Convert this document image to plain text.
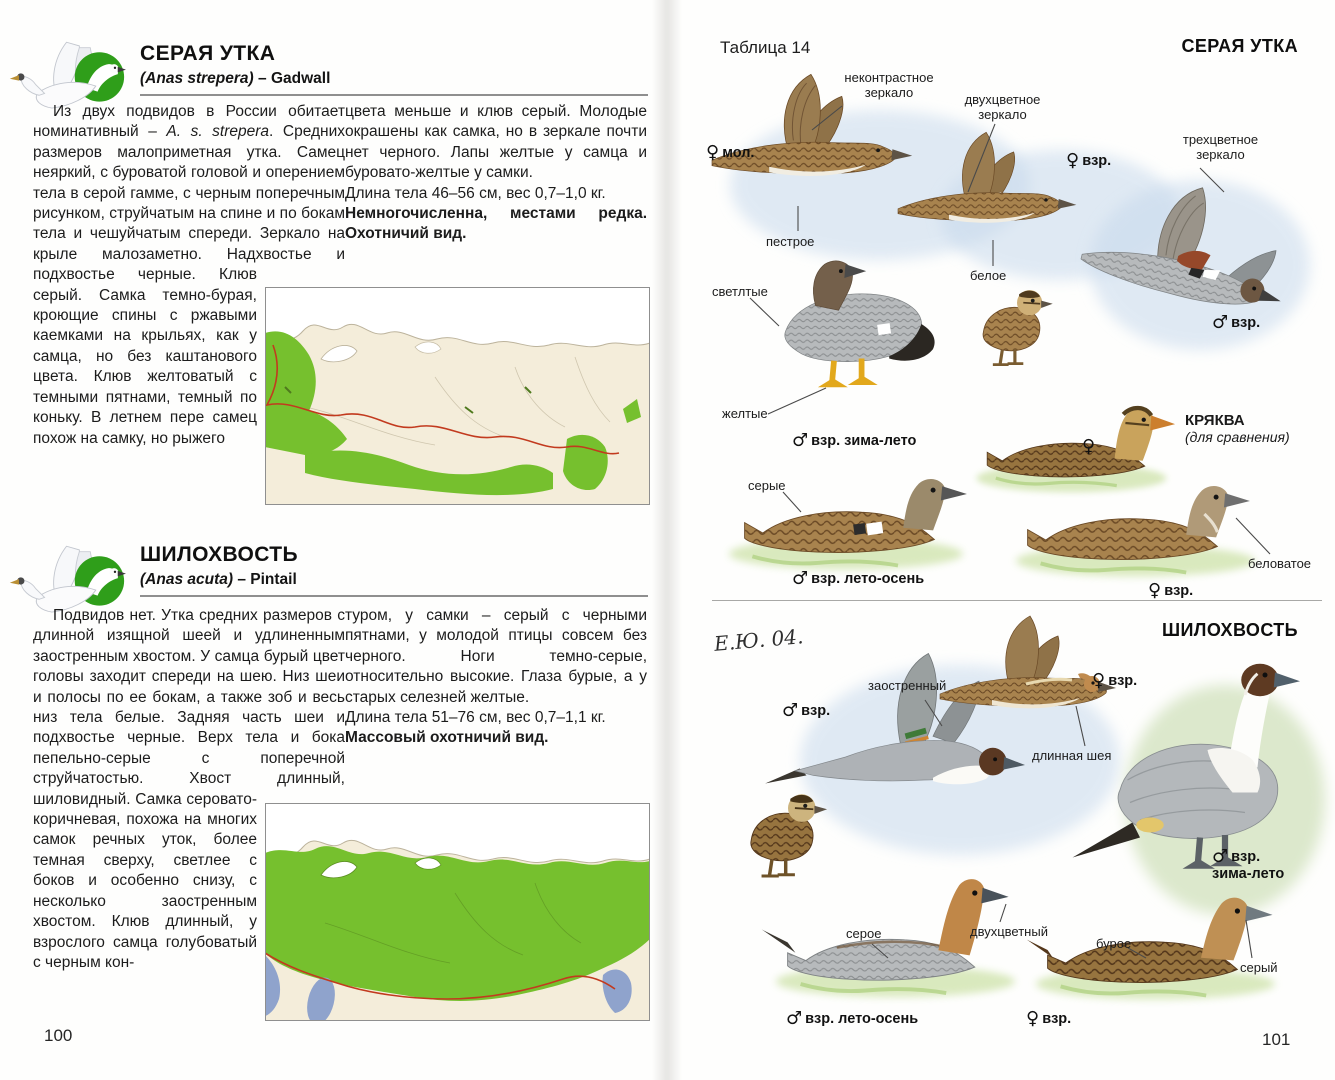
СЕРАЯ УТКА
(Anas strepera) – Gadwall

Из двух подвидов в России обитает номинативный – A. s. strepera. Средних размеров малоприметная утка. Самец неяркий, с буроватой головой и оперением тела в серой гамме, с черным поперечным рисунком, струйчатым на спине и по бокам тела и чешуйчатым спереди. Зеркало на крыле малозаметно. Надхвостье и подхвостье черные. Клюв серый. Самка темно-бурая, кроющие спины с ржавыми каемками на крыльях, как у самца, но без каштанового цвета. Клюв желтоватый с темными пятнами, темный по коньку. В летнем пере самец похож на самку, но рыжего

цвета меньше и клюв серый. Молодые окрашены как самка, но в зеркале почти нет черного. Лапы желтые у самца и буровато-желтые у самки.

Длина тела 46–56 см, вес 0,7–1,0 кг.

Немногочисленна, местами редка. Охотничий вид.

ШИЛОХВОСТЬ
(Anas acuta) – Pintail

Подвидов нет. Утка средних размеров с длинной изящной шеей и удлиненным заостренным хвостом. У самца бурый цвет головы заходит спереди на шею. Низ шеи и полосы по ее бокам, а также зоб и весь низ тела белые. Задняя часть шеи и подхвостье черные. Верх тела и бока пепельно-серые с поперечной струйчатостью. Хвост длинный, шиловидный. Самка серовато-коричневая, похожа на многих самок речных уток, более темная сверху, светлее с боков и особенно снизу, с несколько заостренным хвостом. Клюв длинный, у взрослого самца голубоватый с черным кон-

туром, у самки – серый с черными пятнами, у молодой птицы совсем без черного. Ноги темно-серые, относительно высокие. Глаза бурые, а у старых селезней желтые.

Длина тела 51–76 см, вес 0,7–1,1 кг.

Массовый охотничий вид.

100
Таблица 14	СЕРАЯ УТКА
ШИЛОХВОСТЬ
Е.Ю. 04.
♀ мол.
неконтрастное зеркало	двухцветное зеркало
♀ взр.
трехцветное зеркало
пестрое
белое
♂ взр.
светлтые
желтые
♂ взр. зима-лето
КРЯКВА
(для сравнения)
♀
серые
♂ взр. лето-осень
беловатое
♀ взр.
♂ взр.
заостренный	♀ взр.
длинная шея
♂ взр. зима-лето
серое	двухцветный
бурое
серый
♂ взр. лето-осень	♀ взр.
101
